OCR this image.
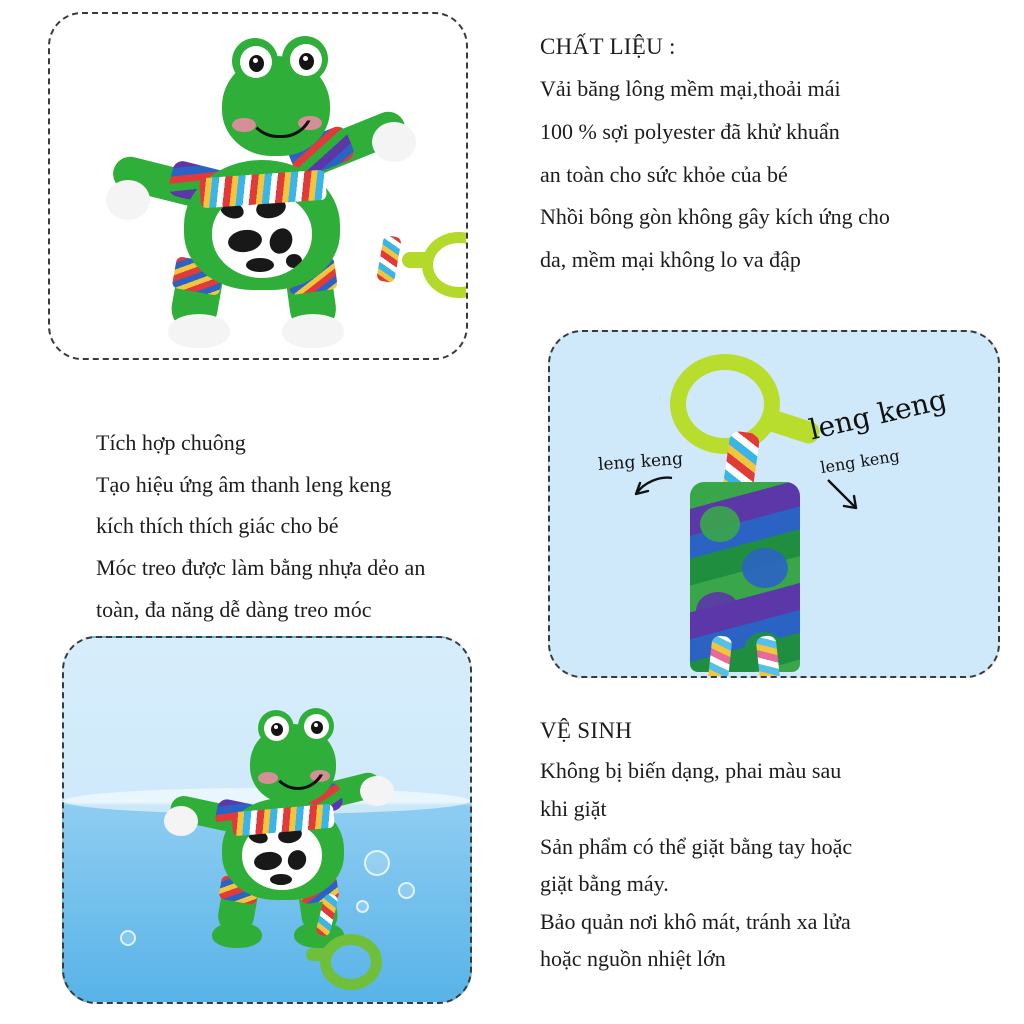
CHẤT LIỆU :

Vải băng lông mềm mại,thoải mái

100 % sợi polyester đã khử khuẩn

an toàn cho sức khỏe của bé

Nhồi bông gòn không gây kích ứng cho

da, mềm mại không lo va đập

Tích hợp chuông

Tạo hiệu ứng âm thanh leng keng

kích thích thích giác cho bé

Móc treo được làm bằng nhựa dẻo an

toàn, đa năng dễ dàng treo móc

leng keng
leng keng
leng keng

VỆ SINH

Không bị biến dạng, phai màu sau

khi giặt

Sản phẩm có thể giặt bằng tay hoặc

giặt bằng máy.

Bảo quản nơi khô mát, tránh xa lửa

hoặc nguồn nhiệt lớn
